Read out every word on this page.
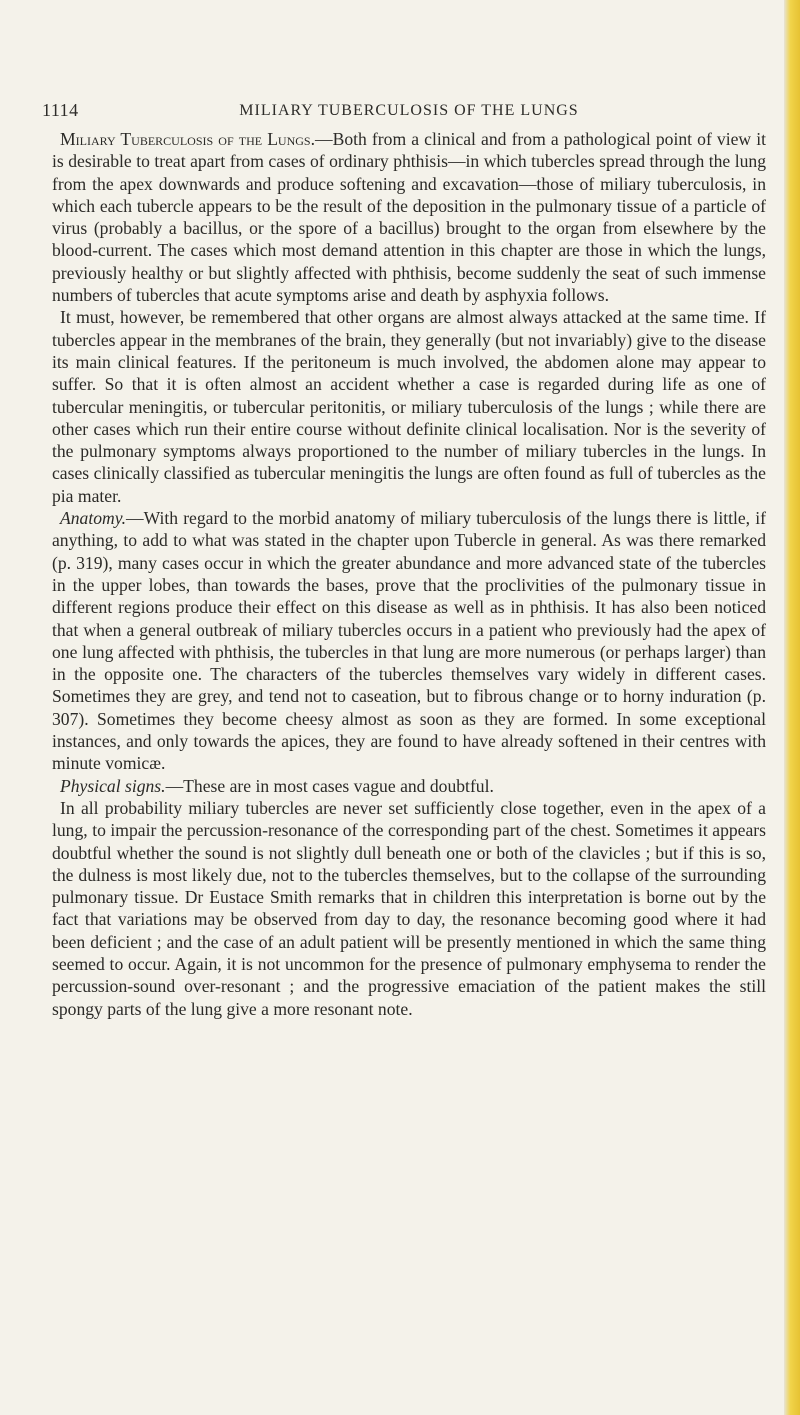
1114	MILIARY TUBERCULOSIS OF THE LUNGS

Miliary Tuberculosis of the Lungs.—Both from a clinical and from a pathological point of view it is desirable to treat apart from cases of ordinary phthisis—in which tubercles spread through the lung from the apex downwards and produce softening and excavation—those of miliary tuberculosis, in which each tubercle appears to be the result of the deposition in the pulmonary tissue of a particle of virus (probably a bacillus, or the spore of a bacillus) brought to the organ from elsewhere by the blood-current. The cases which most demand attention in this chapter are those in which the lungs, previously healthy or but slightly affected with phthisis, become suddenly the seat of such immense numbers of tubercles that acute symptoms arise and death by asphyxia follows.

It must, however, be remembered that other organs are almost always attacked at the same time. If tubercles appear in the membranes of the brain, they generally (but not invariably) give to the disease its main clinical features. If the peritoneum is much involved, the abdomen alone may appear to suffer. So that it is often almost an accident whether a case is regarded during life as one of tubercular meningitis, or tubercular peritonitis, or miliary tuberculosis of the lungs ; while there are other cases which run their entire course without definite clinical localisation. Nor is the severity of the pulmonary symptoms always proportioned to the number of miliary tubercles in the lungs. In cases clinically classified as tubercular meningitis the lungs are often found as full of tubercles as the pia mater.

Anatomy.—With regard to the morbid anatomy of miliary tuberculosis of the lungs there is little, if anything, to add to what was stated in the chapter upon Tubercle in general. As was there remarked (p. 319), many cases occur in which the greater abundance and more advanced state of the tubercles in the upper lobes, than towards the bases, prove that the proclivities of the pulmonary tissue in different regions produce their effect on this disease as well as in phthisis. It has also been noticed that when a general outbreak of miliary tubercles occurs in a patient who previously had the apex of one lung affected with phthisis, the tubercles in that lung are more numerous (or perhaps larger) than in the opposite one. The characters of the tubercles themselves vary widely in different cases. Sometimes they are grey, and tend not to caseation, but to fibrous change or to horny induration (p. 307). Sometimes they become cheesy almost as soon as they are formed. In some exceptional instances, and only towards the apices, they are found to have already softened in their centres with minute vomicæ.

Physical signs.—These are in most cases vague and doubtful.

In all probability miliary tubercles are never set sufficiently close together, even in the apex of a lung, to impair the percussion-resonance of the corresponding part of the chest. Sometimes it appears doubtful whether the sound is not slightly dull beneath one or both of the clavicles ; but if this is so, the dulness is most likely due, not to the tubercles themselves, but to the collapse of the surrounding pulmonary tissue. Dr Eustace Smith remarks that in children this interpretation is borne out by the fact that variations may be observed from day to day, the resonance becoming good where it had been deficient ; and the case of an adult patient will be presently mentioned in which the same thing seemed to occur. Again, it is not uncommon for the presence of pulmonary emphysema to render the percussion-sound over-resonant ; and the progressive emaciation of the patient makes the still spongy parts of the lung give a more resonant note.
